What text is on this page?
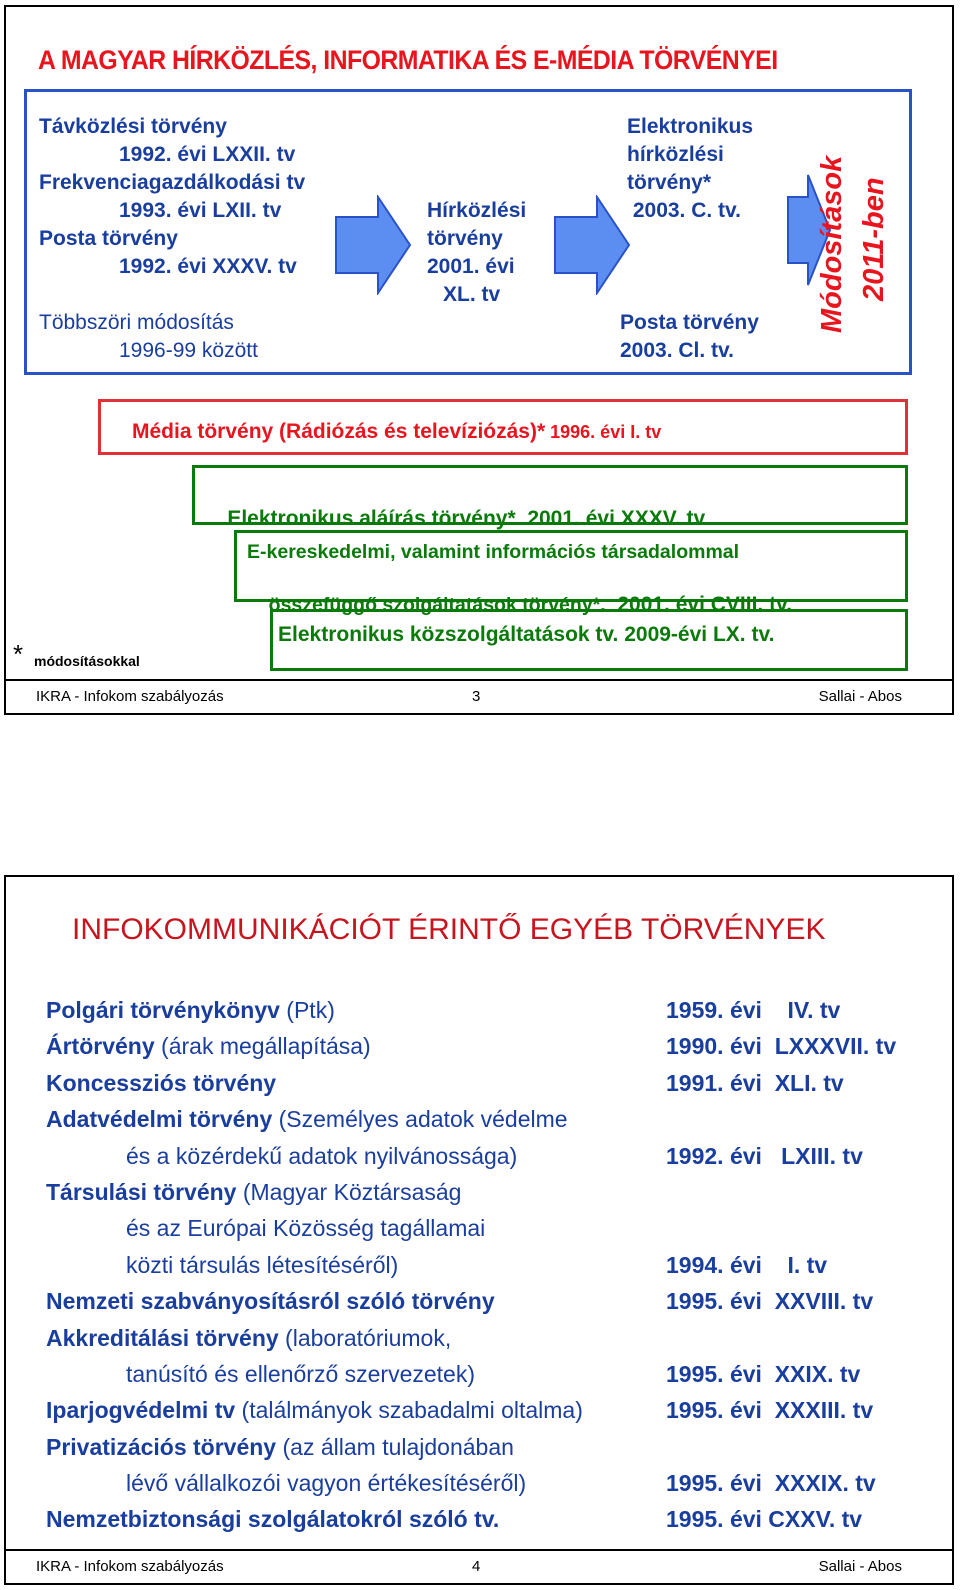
A MAGYAR HÍRKÖZLÉS, INFORMATIKA ÉS E-MÉDIA TÖRVÉNYEI
Távközlési törvény
1992. évi LXXII. tv
Frekvenciagazdálkodási tv
1993. évi LXII. tv
Posta törvény
1992. évi XXXV. tv
Többszöri módosítás
1996-99 között
Hírközlési
törvény
2001. évi
XL. tv
Elektronikus
hírközlési
törvény*
2003. C. tv.
Posta törvény
2003. Cl. tv.
Módosítások 2011-ben
Média törvény (Rádiózás és televíziózás)* 1996. évi I. tv

Elektronikus aláírás törvény*  2001. évi XXXV. tv

E-kereskedelmi, valamint információs társadalommal

összefüggő szolgáltatások törvény*.  2001. évi CVIII. tv.

Elektronikus közszolgáltatások tv. 2009-évi LX. tv.
* módosításokkal
IKRA - Infokom szabályozás	3	Sallai - Abos
INFOKOMMUNIKÁCIÓT ÉRINTŐ EGYÉB TÖRVÉNYEK
Polgári törvénykönyv (Ptk)	1959. évi    IV. tv
Ártörvény (árak megállapítása)	1990. évi  LXXXVII. tv
Koncessziós törvény	1991. évi  XLI. tv
Adatvédelmi törvény (Személyes adatok védelme
és a közérdekű adatok nyilvánossága)	1992. évi   LXIII. tv
Társulási törvény (Magyar Köztársaság
és az Európai Közösség tagállamai
közti társulás létesítéséről)	1994. évi    I. tv
Nemzeti szabványosításról szóló törvény	1995. évi  XXVIII. tv
Akkreditálási törvény (laboratóriumok,
tanúsító és ellenőrző szervezetek)	1995. évi  XXIX. tv
Iparjogvédelmi tv (találmányok szabadalmi oltalma)	1995. évi  XXXIII. tv
Privatizációs törvény (az állam tulajdonában
lévő vállalkozói vagyon értékesítéséről)	1995. évi  XXXIX. tv
Nemzetbiztonsági szolgálatokról szóló tv.	1995. évi CXXV. tv
IKRA - Infokom szabályozás	4	Sallai - Abos
